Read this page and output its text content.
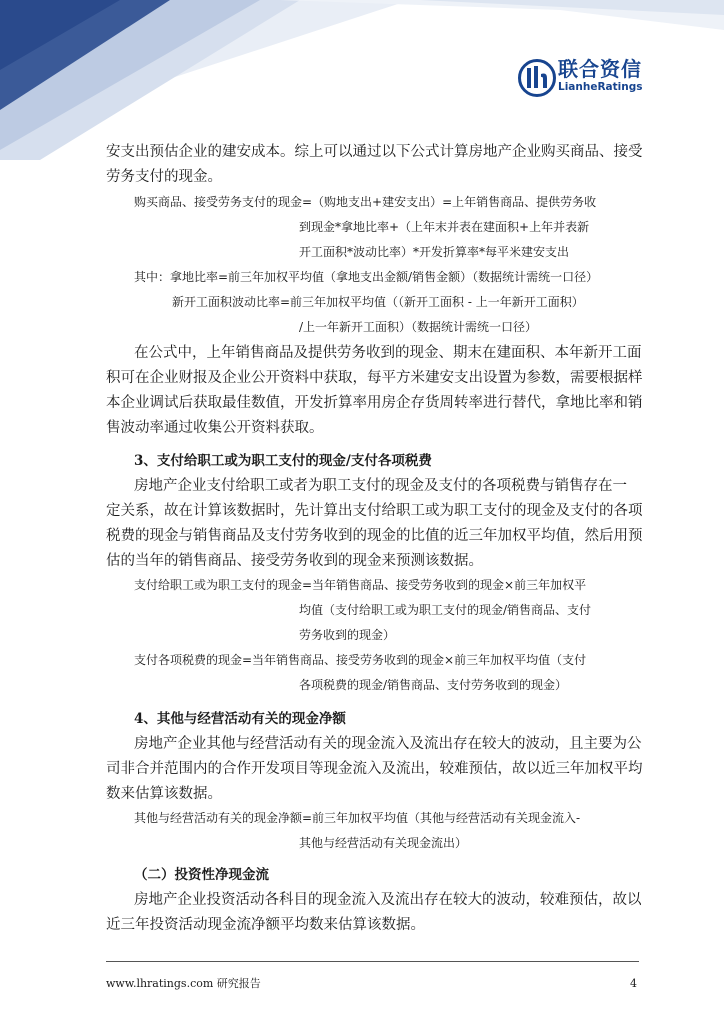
联合资信
LianheRatings
安支出预估企业的建安成本。综上可以通过以下公式计算房地产企业购买商品、接受
劳务支付的现金。
购买商品、接受劳务支付的现金=（购地支出+建安支出）=上年销售商品、提供劳务收
到现金*拿地比率+（上年末并表在建面积+上年并表新
开工面积*波动比率）*开发折算率*每平米建安支出
其中：拿地比率=前三年加权平均值（拿地支出金额/销售金额）（数据统计需统一口径）
新开工面积波动比率=前三年加权平均值（（新开工面积 - 上一年新开工面积）
/上一年新开工面积）（数据统计需统一口径）
在公式中，上年销售商品及提供劳务收到的现金、期末在建面积、本年新开工面
积可在企业财报及企业公开资料中获取，每平方米建安支出设置为参数，需要根据样
本企业调试后获取最佳数值，开发折算率用房企存货周转率进行替代，拿地比率和销
售波动率通过收集公开资料获取。
3、支付给职工或为职工支付的现金/支付各项税费
房地产企业支付给职工或者为职工支付的现金及支付的各项税费与销售存在一
定关系，故在计算该数据时，先计算出支付给职工或为职工支付的现金及支付的各项
税费的现金与销售商品及支付劳务收到的现金的比值的近三年加权平均值，然后用预
估的当年的销售商品、接受劳务收到的现金来预测该数据。
支付给职工或为职工支付的现金=当年销售商品、接受劳务收到的现金×前三年加权平
均值（支付给职工或为职工支付的现金/销售商品、支付
劳务收到的现金）
支付各项税费的现金=当年销售商品、接受劳务收到的现金×前三年加权平均值（支付
各项税费的现金/销售商品、支付劳务收到的现金）
4、其他与经营活动有关的现金净额
房地产企业其他与经营活动有关的现金流入及流出存在较大的波动，且主要为公
司非合并范围内的合作开发项目等现金流入及流出，较难预估，故以近三年加权平均
数来估算该数据。
其他与经营活动有关的现金净额=前三年加权平均值（其他与经营活动有关现金流入-
其他与经营活动有关现金流出）
（二）投资性净现金流
房地产企业投资活动各科目的现金流入及流出存在较大的波动，较难预估，故以
近三年投资活动现金流净额平均数来估算该数据。
www.lhratings.com 研究报告	4
